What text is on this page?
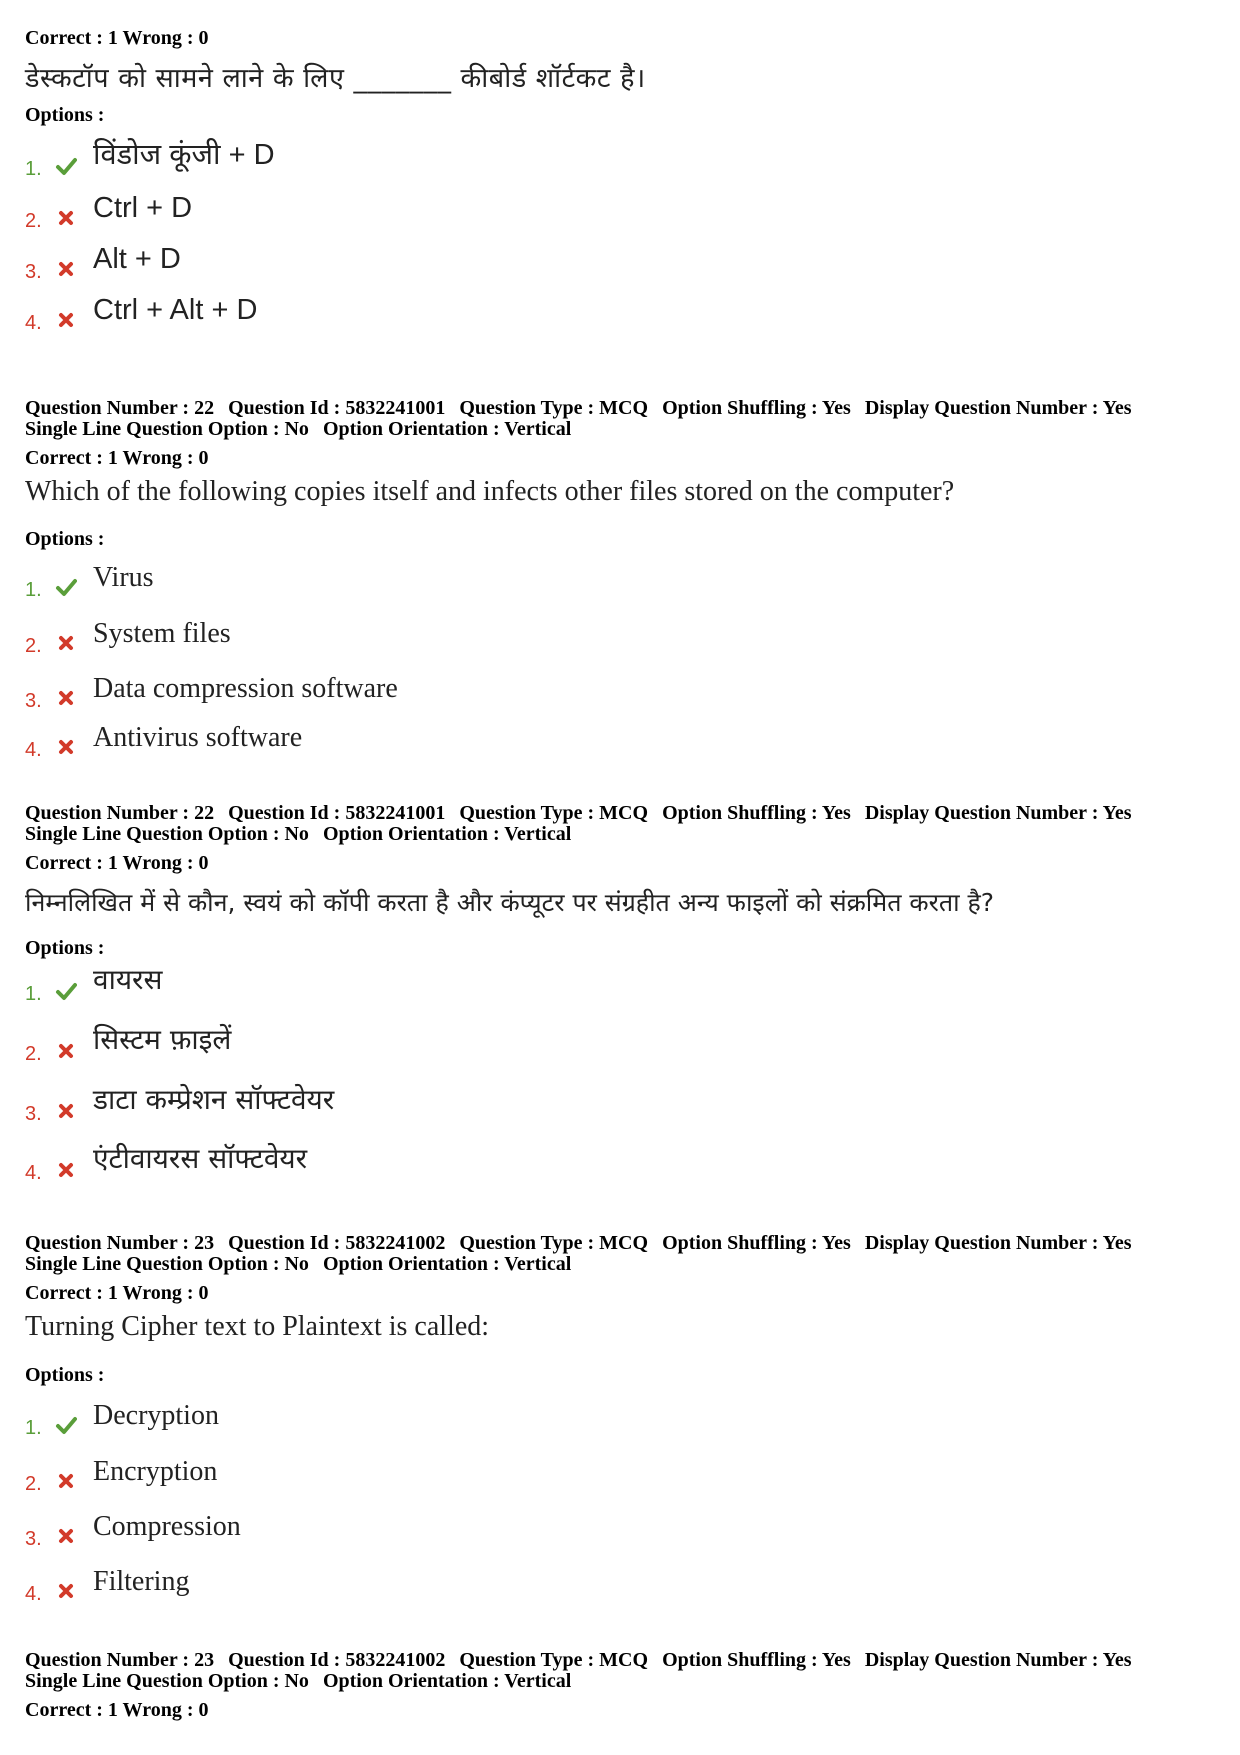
Correct : 1 Wrong : 0
डेस्कटॉप को सामने लाने के लिए _______ कीबोर्ड शॉर्टकट है।
Options :
1. विंडोज कूंजी + D
2. Ctrl + D
3. Alt + D
4. Ctrl + Alt + D
Question Number : 22 Question Id : 5832241001 Question Type : MCQ Option Shuffling : Yes Display Question Number : Yes
Single Line Question Option : No Option Orientation : Vertical
Correct : 1 Wrong : 0
Which of the following copies itself and infects other files stored on the computer?
Options :
1. Virus
2. System files
3. Data compression software
4. Antivirus software
Question Number : 22 Question Id : 5832241001 Question Type : MCQ Option Shuffling : Yes Display Question Number : Yes
Single Line Question Option : No Option Orientation : Vertical
Correct : 1 Wrong : 0
निम्नलिखित में से कौन, स्वयं को कॉपी करता है और कंप्यूटर पर संग्रहीत अन्य फाइलों को संक्रमित करता है?
Options :
1. वायरस
2. सिस्टम फ़ाइलें
3. डाटा कम्प्रेशन सॉफ्टवेयर
4. एंटीवायरस सॉफ्टवेयर
Question Number : 23 Question Id : 5832241002 Question Type : MCQ Option Shuffling : Yes Display Question Number : Yes
Single Line Question Option : No Option Orientation : Vertical
Correct : 1 Wrong : 0
Turning Cipher text to Plaintext is called:
Options :
1. Decryption
2. Encryption
3. Compression
4. Filtering
Question Number : 23 Question Id : 5832241002 Question Type : MCQ Option Shuffling : Yes Display Question Number : Yes
Single Line Question Option : No Option Orientation : Vertical
Correct : 1 Wrong : 0
